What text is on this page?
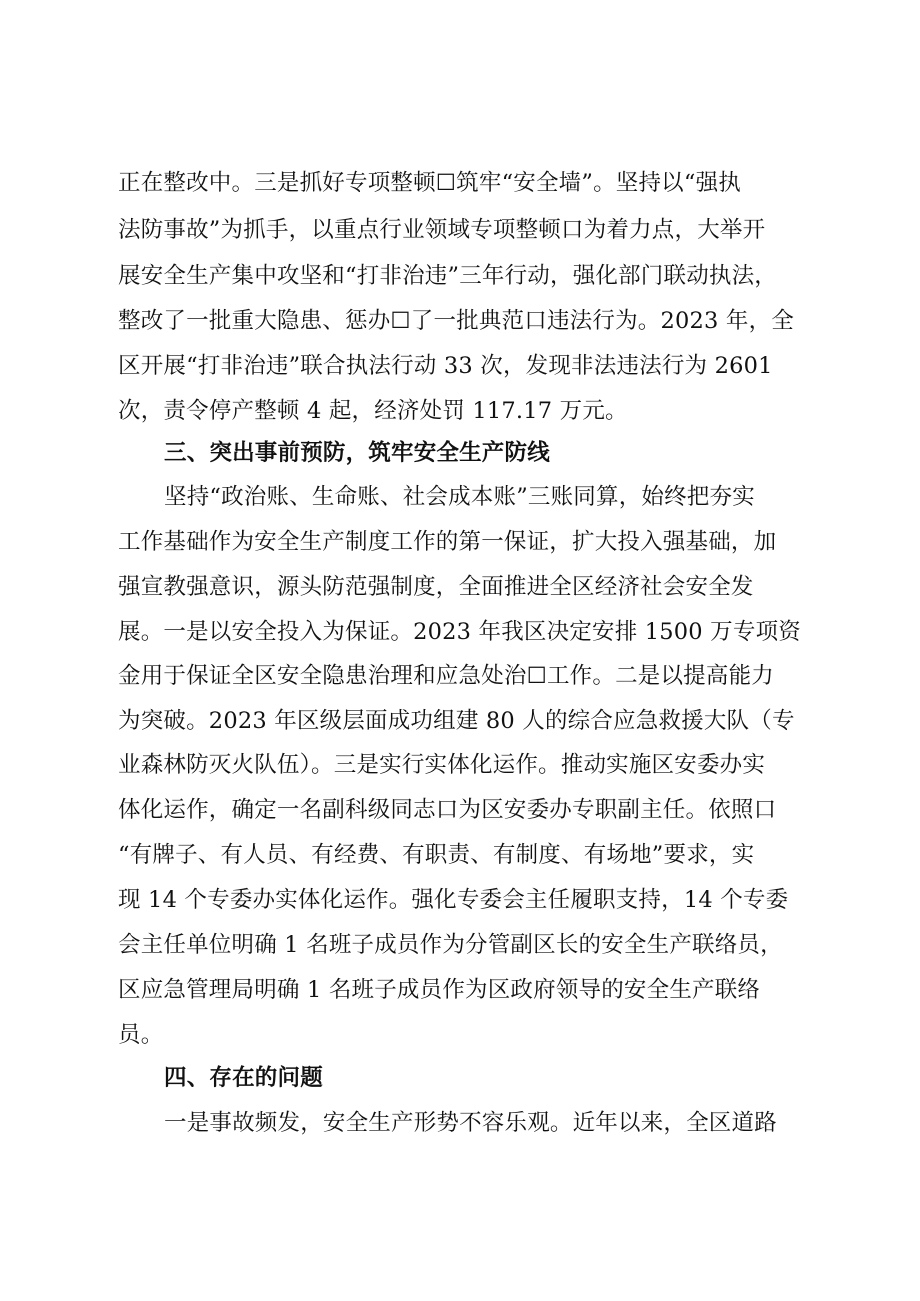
正在整改中。三是抓好专项整顿☐筑牢“安全墙”。坚持以“强执
法防事故”为抓手，以重点行业领域专项整顿口为着力点，大举开
展安全生产集中攻坚和“打非治违”三年行动，强化部门联动执法，
整改了一批重大隐患、惩办☐了一批典范口违法行为。2023 年，全
区开展“打非治违”联合执法行动 33 次，发现非法违法行为 2601
次，责令停产整顿 4 起，经济处罚 117.17 万元。
三、突出事前预防，筑牢安全生产防线
坚持“政治账、生命账、社会成本账”三账同算，始终把夯实
工作基础作为安全生产制度工作的第一保证，扩大投入强基础，加
强宣教强意识，源头防范强制度，全面推进全区经济社会安全发
展。一是以安全投入为保证。2023 年我区决定安排 1500 万专项资
金用于保证全区安全隐患治理和应急处治☐工作。二是以提高能力
为突破。2023 年区级层面成功组建 80 人的综合应急救援大队（专
业森林防灭火队伍）。三是实行实体化运作。推动实施区安委办实
体化运作，确定一名副科级同志口为区安委办专职副主任。依照口
“有牌子、有人员、有经费、有职责、有制度、有场地”要求，实
现 14 个专委办实体化运作。强化专委会主任履职支持，14 个专委
会主任单位明确 1 名班子成员作为分管副区长的安全生产联络员，
区应急管理局明确 1 名班子成员作为区政府领导的安全生产联络
员。
四、存在的问题
一是事故频发，安全生产形势不容乐观。近年以来，全区道路
